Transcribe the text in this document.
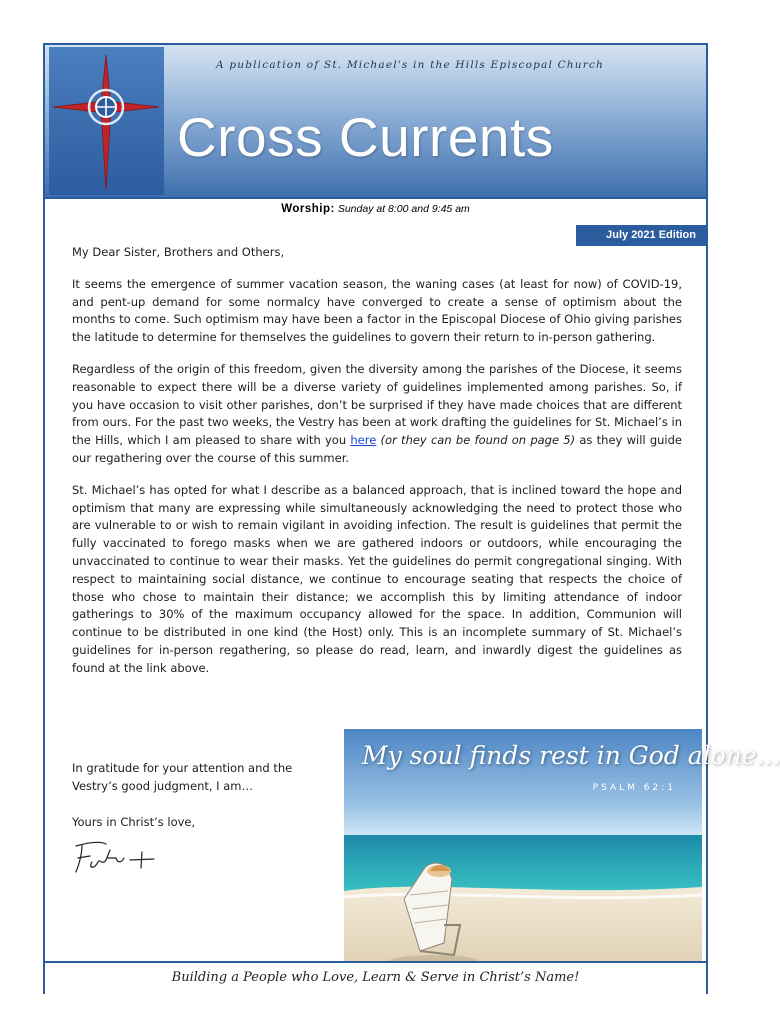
A publication of St. Michael's in the Hills Episcopal Church
Cross Currents
Worship: Sunday at 8:00 and 9:45 am
July 2021 Edition

My Dear Sister, Brothers and Others,

It seems the emergence of summer vacation season, the waning cases (at least for now) of COVID-19, and pent-up demand for some normalcy have converged to create a sense of optimism about the months to come. Such optimism may have been a factor in the Episcopal Diocese of Ohio giving parishes the latitude to determine for themselves the guidelines to govern their return to in-person gathering.

Regardless of the origin of this freedom, given the diversity among the parishes of the Diocese, it seems reasonable to expect there will be a diverse variety of guidelines implemented among parishes. So, if you have occasion to visit other parishes, don’t be surprised if they have made choices that are different from ours. For the past two weeks, the Vestry has been at work drafting the guidelines for St. Michael’s in the Hills, which I am pleased to share with you here (or they can be found on page 5) as they will guide our regathering over the course of this summer.

St. Michael’s has opted for what I describe as a balanced approach, that is inclined toward the hope and optimism that many are expressing while simultaneously acknowledging the need to protect those who are vulnerable to or wish to remain vigilant in avoiding infection. The result is guidelines that permit the fully vaccinated to forego masks when we are gathered indoors or outdoors, while encouraging the unvaccinated to continue to wear their masks. Yet the guidelines do permit congregational singing. With respect to maintaining social distance, we continue to encourage seating that respects the choice of those who chose to maintain their distance; we accomplish this by limiting attendance of indoor gatherings to 30% of the maximum occupancy allowed for the space. In addition, Communion will continue to be distributed in one kind (the Host) only. This is an incomplete summary of St. Michael’s guidelines for in-person regathering, so please do read, learn, and inwardly digest the guidelines as found at the link above.

In gratitude for your attention and the Vestry’s good judgment, I am…

Yours in Christ’s love,

My soul finds rest in God alone...
PSALM 62:1
Building a People who Love, Learn & Serve in Christ’s Name!
